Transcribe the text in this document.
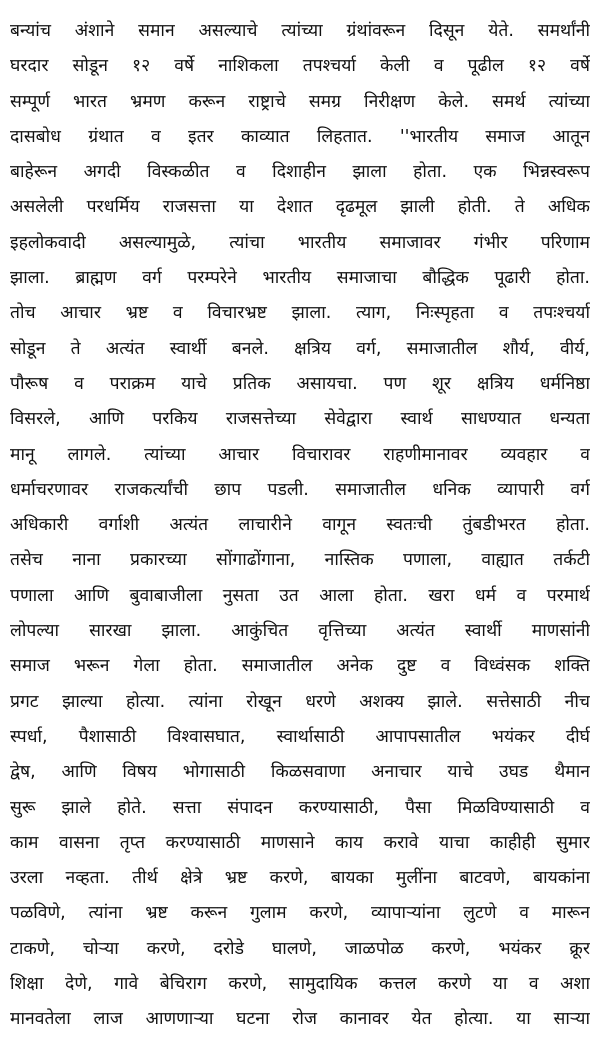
बन्यांच अंशाने समान असल्याचे त्यांच्या ग्रंथांवरून दिसून येते. समर्थांनी
घरदार सोडून १२ वर्षे नाशिकला तपश्चर्या केली व पूढील १२ वर्षे
सम्पूर्ण भारत भ्रमण करून राष्ट्राचे समग्र निरीक्षण केले. समर्थ त्यांच्या
दासबोध ग्रंथात व इतर काव्यात लिहतात. ''भारतीय समाज आतून
बाहेरून अगदी विस्कळीत व दिशाहीन झाला होता. एक भिन्नस्वरूप
असलेली परधर्मिय राजसत्ता या देशात दृढमूल झाली होती. ते अधिक
इहलोकवादी असल्यामुळे, त्यांचा भारतीय समाजावर गंभीर परिणाम
झाला. ब्राह्मण वर्ग परम्परेने भारतीय समाजाचा बौद्धिक पूढारी होता.
तोच आचार भ्रष्ट व विचारभ्रष्ट झाला. त्याग, निःस्पृहता व तपःश्चर्या
सोडून ते अत्यंत स्वार्थी बनले. क्षत्रिय वर्ग, समाजातील शौर्य, वीर्य,
पौरूष व पराक्रम याचे प्रतिक असायचा. पण शूर क्षत्रिय धर्मनिष्ठा
विसरले, आणि परकिय राजसत्तेच्या सेवेद्वारा स्वार्थ साधण्यात धन्यता
मानू लागले. त्यांच्या आचार विचारावर राहणीमानावर व्यवहार व
धर्माचरणावर राजकर्त्यांची छाप पडली. समाजातील धनिक व्यापारी वर्ग
अधिकारी वर्गाशी अत्यंत लाचारीने वागून स्वतःची तुंबडीभरत होता.
तसेच नाना प्रकारच्या सोंगाढोंगाना, नास्तिक पणाला, वाह्यात तर्कटी
पणाला आणि बुवाबाजीला नुसता उत आला होता. खरा धर्म व परमार्थ
लोपल्या सारखा झाला. आकुंचित वृत्तिच्या अत्यंत स्वार्थी माणसांनी
समाज भरून गेला होता. समाजातील अनेक दुष्ट व विध्वंसक शक्ति
प्रगट झाल्या होत्या. त्यांना रोखून धरणे अशक्य झाले. सत्तेसाठी नीच
स्पर्धा, पैशासाठी विश्वासघात, स्वार्थासाठी आपापसातील भयंकर दीर्घ
द्वेष, आणि विषय भोगासाठी किळसवाणा अनाचार याचे उघड थैमान
सुरू झाले होते. सत्ता संपादन करण्यासाठी, पैसा मिळविण्यासाठी व
काम वासना तृप्त करण्यासाठी माणसाने काय करावे याचा काहीही सुमार
उरला नव्हता. तीर्थ क्षेत्रे भ्रष्ट करणे, बायका मुलींना बाटवणे, बायकांना
पळविणे, त्यांना भ्रष्ट करून गुलाम करणे, व्यापाऱ्यांना लुटणे व मारून
टाकणे, चोऱ्या करणे, दरोडे घालणे, जाळपोळ करणे, भयंकर क्रूर
शिक्षा देणे, गावे बेचिराग करणे, सामुदायिक कत्तल करणे या व अशा
मानवतेला लाज आणणाऱ्या घटना रोज कानावर येत होत्या. या साऱ्या
